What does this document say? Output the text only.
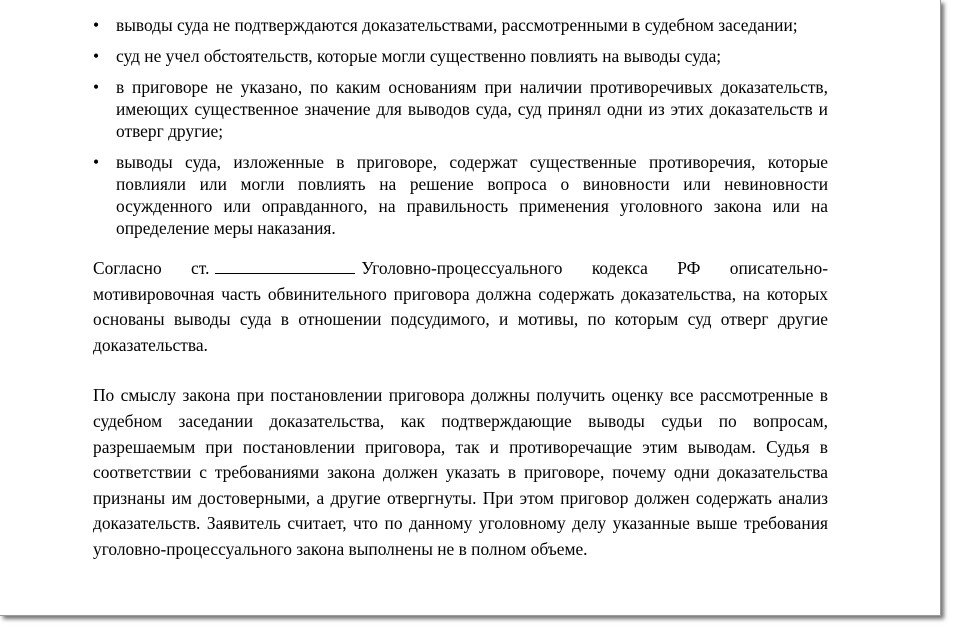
• выводы суда не подтверждаются доказательствами, рассмотренными в судебном заседании;
• суд не учел обстоятельств, которые могли существенно повлиять на выводы суда;
• в приговоре не указано, по каким основаниям при наличии противоречивых доказательств, имеющих существенное значение для выводов суда, суд принял одни из этих доказательств и отверг другие;
• выводы суда, изложенные в приговоре, содержат существенные противоречия, которые повлияли или могли повлиять на решение вопроса о виновности или невиновности осужденного или оправданного, на правильность применения уголовного закона или на определение меры наказания.

Согласно ст.	Уголовно-процессуального кодекса РФ описательно-мотивировочная часть обвинительного приговора должна содержать доказательства, на которых основаны выводы суда в отношении подсудимого, и мотивы, по которым суд отверг другие доказательства.

По смыслу закона при постановлении приговора должны получить оценку все рассмотренные в судебном заседании доказательства, как подтверждающие выводы судьи по вопросам, разрешаемым при постановлении приговора, так и противоречащие этим выводам. Судья в соответствии с требованиями закона должен указать в приговоре, почему одни доказательства признаны им достоверными, а другие отвергнуты. При этом приговор должен содержать анализ доказательств. Заявитель считает, что по данному уголовному делу указанные выше требования уголовно-процессуального закона выполнены не в полном объеме.
